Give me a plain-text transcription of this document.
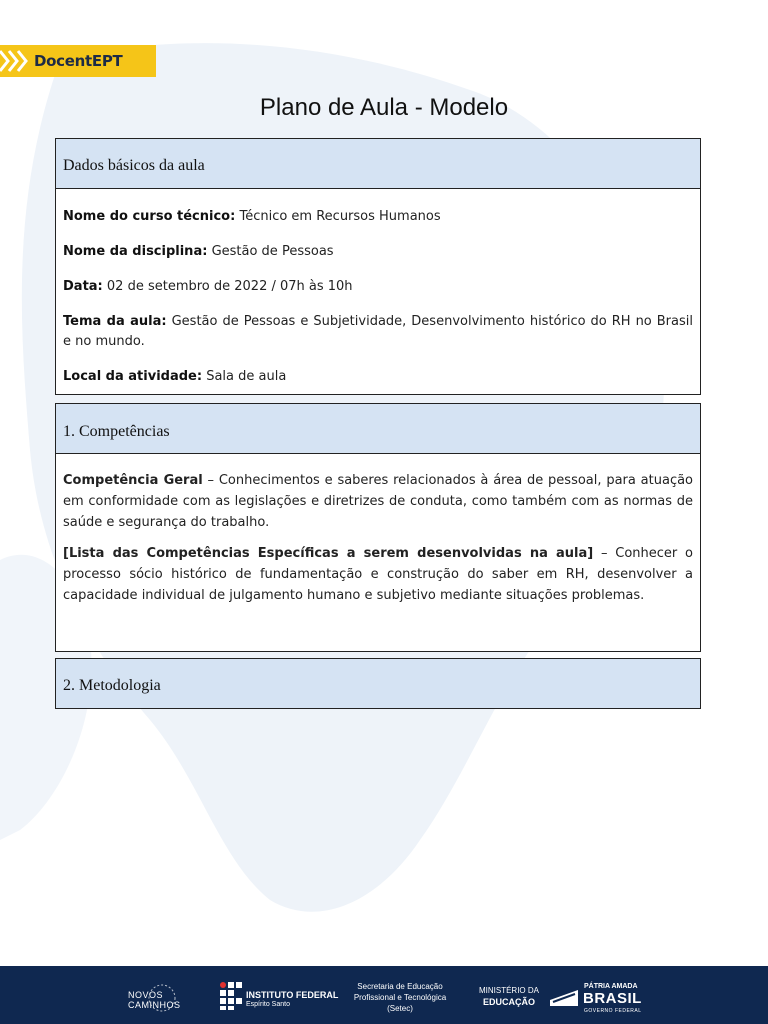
DocentEPT
Plano de Aula - Modelo
Dados básicos da aula
Nome do curso técnico: Técnico em Recursos Humanos
Nome da disciplina: Gestão de Pessoas
Data: 02 de setembro de 2022 / 07h às 10h
Tema da aula: Gestão de Pessoas e Subjetividade, Desenvolvimento histórico do RH no Brasil e no mundo.
Local da atividade: Sala de aula
1. Competências

Competência Geral – Conhecimentos e saberes relacionados à área de pessoal, para atuação em conformidade com as legislações e diretrizes de conduta, como também com as normas de saúde e segurança do trabalho.

[Lista das Competências Específicas a serem desenvolvidas na aula] – Conhecer o processo sócio histórico de fundamentação e construção do saber em RH, desenvolver a capacidade individual de julgamento humano e subjetivo mediante situações problemas.

2. Metodologia
NOVOS CAMINHOS
INSTITUTO FEDERAL
Espírito Santo
Secretaria de Educação
Profissional e Tecnológica
(Setec)
MINISTÉRIO DA
EDUCAÇÃO
PÁTRIA AMADA
BRASIL
GOVERNO FEDERAL
